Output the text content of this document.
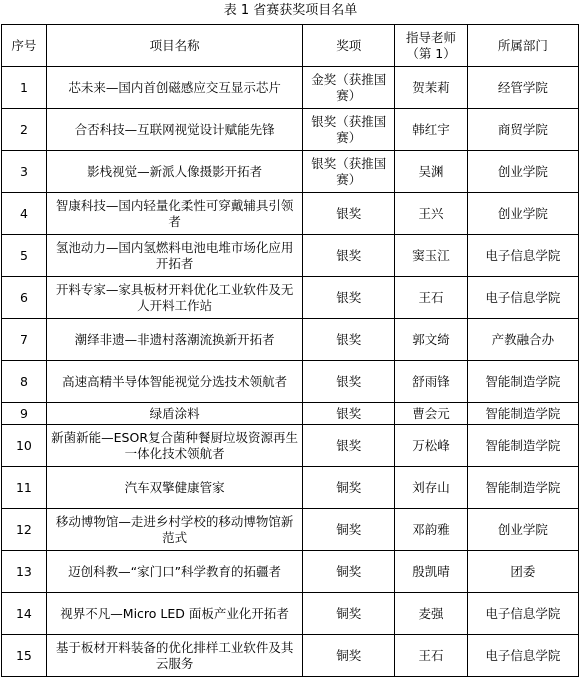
表 1 省赛获奖项目名单
序号	项目名称	奖项	指导老师（第 1）	所属部门
1	芯未来—国内首创磁感应交互显示芯片	金奖（获推国赛）	贺茉莉	经管学院
2	合否科技—互联网视觉设计赋能先锋	银奖（获推国赛）	韩红宇	商贸学院
3	影栈视觉—新派人像摄影开拓者	银奖（获推国赛）	吴渊	创业学院
4	智康科技—国内轻量化柔性可穿戴辅具引领者	银奖	王兴	创业学院
5	氢池动力—国内氢燃料电池电堆市场化应用开拓者	银奖	窦玉江	电子信息学院
6	开料专家—家具板材开料优化工业软件及无人开料工作站	银奖	王石	电子信息学院
7	潮绎非遗—非遗村落潮流换新开拓者	银奖	郭文绮	产教融合办
8	高速高精半导体智能视觉分选技术领航者	银奖	舒雨锋	智能制造学院
9	绿盾涂料	银奖	曹会元	智能制造学院
10	新菌新能—ESOR复合菌种餐厨垃圾资源再生一体化技术领航者	银奖	万松峰	智能制造学院
11	汽车双擎健康管家	铜奖	刘存山	智能制造学院
12	移动博物馆—走进乡村学校的移动博物馆新范式	铜奖	邓韵雅	创业学院
13	迈创科教—“家门口”科学教育的拓疆者	铜奖	殷凯晴	团委
14	视界不凡—Micro LED 面板产业化开拓者	铜奖	麦强	电子信息学院
15	基于板材开料装备的优化排样工业软件及其云服务	铜奖	王石	电子信息学院
